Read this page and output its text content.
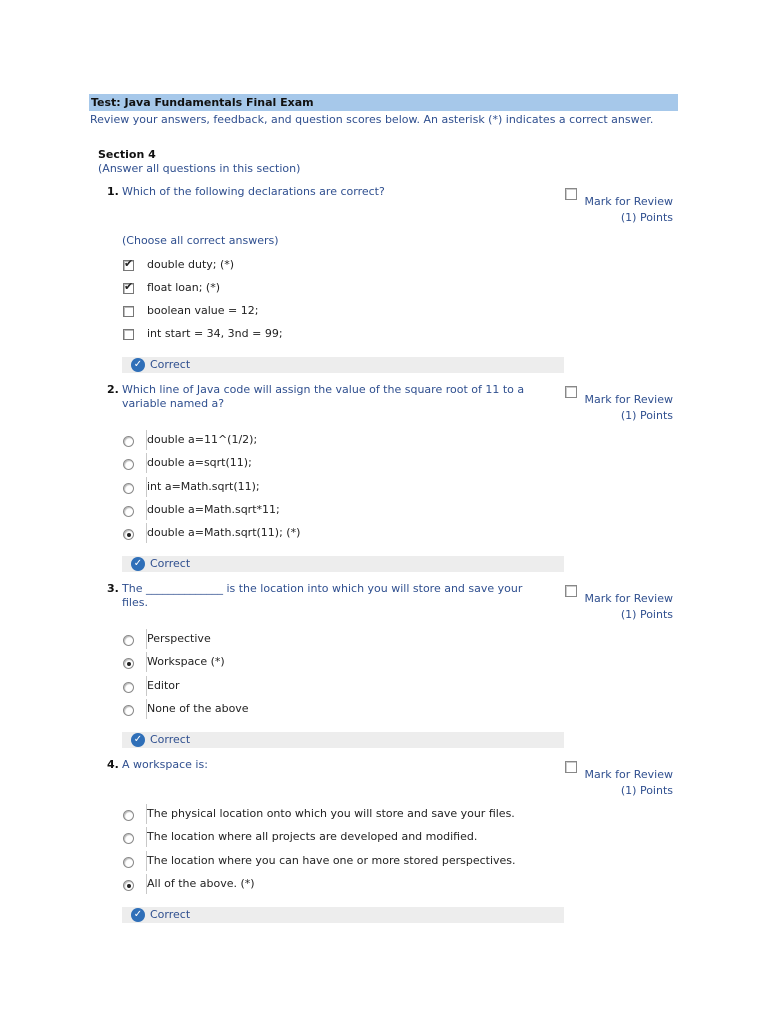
Test: Java Fundamentals Final Exam
Review your answers, feedback, and question scores below. An asterisk (*) indicates a correct answer.
Section 4
(Answer all questions in this section)
1. Which of the following declarations are correct?
Mark for Review
(1) Points
(Choose all correct answers)
✔ double duty; (*)
✔ float loan; (*)
boolean value = 12;
int start = 34, 3nd = 99;
✓ Correct
2. Which line of Java code will assign the value of the square root of 11 to a variable named a?	Mark for Review
(1) Points
double a=11^(1/2);
double a=sqrt(11);
int a=Math.sqrt(11);
double a=Math.sqrt*11;
double a=Math.sqrt(11); (*)
✓ Correct
3. The ______________ is the location into which you will store and save your files.	Mark for Review
(1) Points
Perspective
Workspace (*)
Editor
None of the above
✓ Correct
4. A workspace is:
Mark for Review
(1) Points
The physical location onto which you will store and save your files.
The location where all projects are developed and modified.
The location where you can have one or more stored perspectives.
All of the above. (*)
✓ Correct
